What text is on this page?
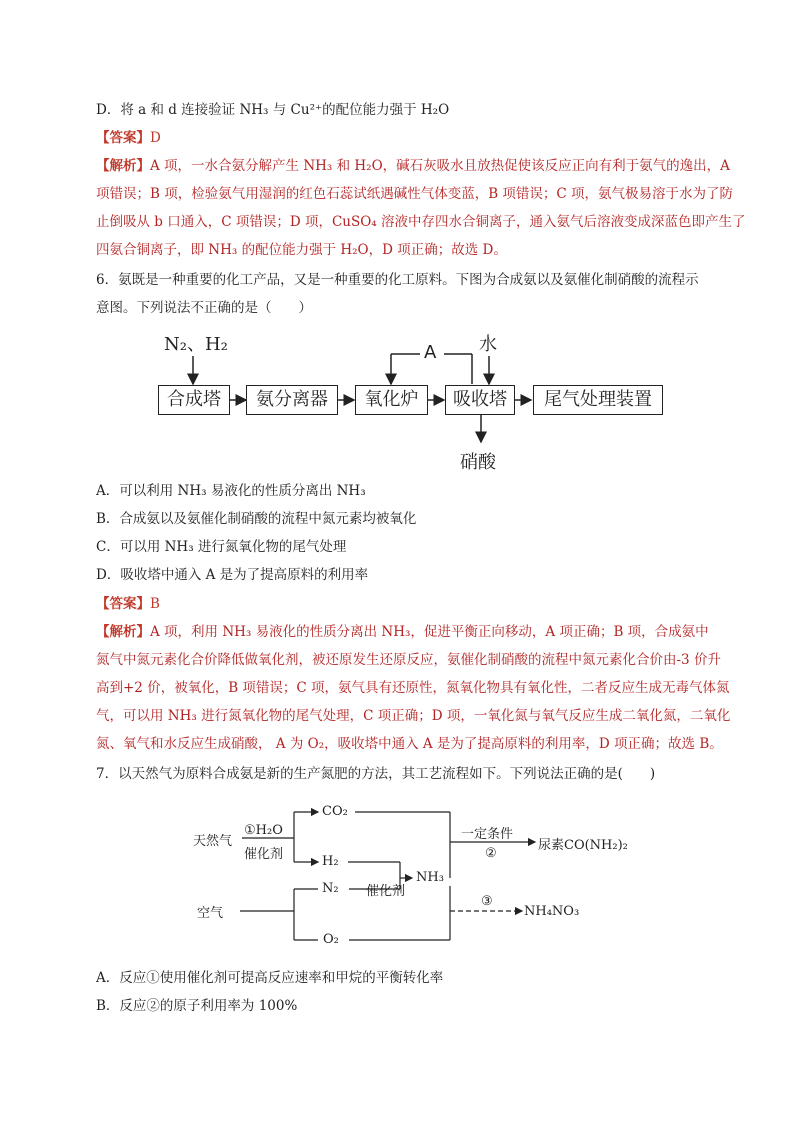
D．将 a 和 d 连接验证 NH₃ 与 Cu²⁺的配位能力强于 H₂O
【答案】D
【解析】A 项，一水合氨分解产生 NH₃ 和 H₂O，碱石灰吸水且放热促使该反应正向有利于氨气的逸出，A
项错误；B 项，检验氨气用湿润的红色石蕊试纸遇碱性气体变蓝，B 项错误；C 项，氨气极易溶于水为了防
止倒吸从 b 口通入，C 项错误；D 项，CuSO₄ 溶液中存四水合铜离子，通入氨气后溶液变成深蓝色即产生了
四氨合铜离子，即 NH₃ 的配位能力强于 H₂O，D 项正确；故选 D。
6．氨既是一种重要的化工产品，又是一种重要的化工原料。下图为合成氨以及氨催化制硝酸的流程示
意图。下列说法不正确的是（　　）
N₂、H₂	A 水
合成塔	氨分离器	氧化炉	吸收塔	尾气处理装置
硝酸
A．可以利用 NH₃ 易液化的性质分离出 NH₃
B．合成氨以及氨催化制硝酸的流程中氮元素均被氧化
C．可以用 NH₃ 进行氮氧化物的尾气处理
D．吸收塔中通入 A 是为了提高原料的利用率
【答案】B
【解析】A 项，利用 NH₃ 易液化的性质分离出 NH₃，促进平衡正向移动，A 项正确；B 项，合成氨中
氮气中氮元素化合价降低做氧化剂，被还原发生还原反应，氨催化制硝酸的流程中氮元素化合价由-3 价升
高到+2 价，被氧化，B 项错误；C 项，氨气具有还原性，氮氧化物具有氧化性，二者反应生成无毒气体氮
气，可以用 NH₃ 进行氮氧化物的尾气处理，C 项正确；D 项，一氧化氮与氧气反应生成二氧化氮，二氧化
氮、氧气和水反应生成硝酸， A 为 O₂，吸收塔中通入 A 是为了提高原料的利用率，D 项正确；故选 B。
7．以天然气为原料合成氨是新的生产氮肥的方法，其工艺流程如下。下列说法正确的是(　　)
天然气
①H₂O
催化剂
CO₂
H₂
N₂ 催化剂
NH₃
空气
O₂
一定条件
②
尿素CO(NH₂)₂
③
NH₄NO₃
A．反应①使用催化剂可提高反应速率和甲烷的平衡转化率
B．反应②的原子利用率为 100%
